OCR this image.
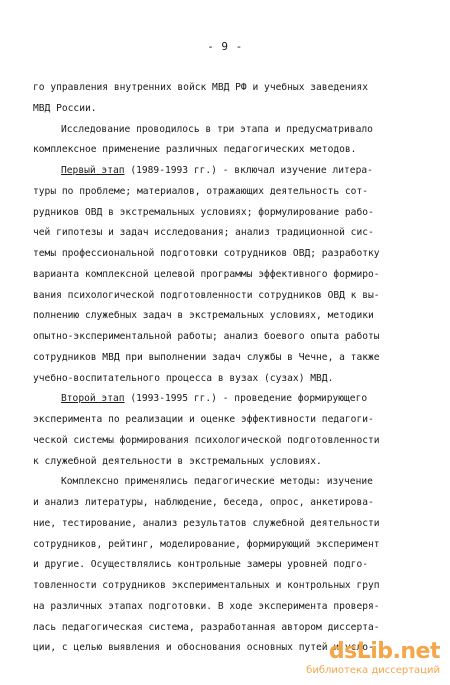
- 9 -
го управления внутренних войск МВД РФ и учебных заведениях
МВД России.
Исследование проводилось в три этапа и предусматривало
комплексное применение различных педагогических методов.
Первый этап (1989-1993 гг.) - включал изучение литера-
туры по проблеме; материалов, отражающих деятельность сот-
рудников ОВД в экстремальных условиях; формулирование рабо-
чей гипотезы и задач исследования; анализ традиционной сис-
темы профессиональной подготовки сотрудников ОВД; разработку
варианта комплексной целевой программы эффективного формиро-
вания психологической подготовленности сотрудников ОВД к вы-
полнению служебных задач в экстремальных условиях, методики
опытно-экспериментальной работы; анализ боевого опыта работы
сотрудников МВД при выполнении задач службы в Чечне, а также
учебно-воспитательного процесса в вузах (сузах) МВД.
Второй этап (1993-1995 гг.) - проведение формирующего
эксперимента по реализации и оценке эффективности педагоги-
ческой системы формирования психологической подготовленности
к служебной деятельности в экстремальных условиях.
Комплексно применялись педагогические методы: изучение
и анализ литературы, наблюдение, беседа, опрос, анкетирова-
ние, тестирование, анализ результатов служебной деятельности
сотрудников, рейтинг, моделирование, формирующий эксперимент
и другие. Осуществлялись контрольные замеры уровней подго-
товленности сотрудников экспериментальных и контрольных груп
на различных этапах подготовки. В ходе эксперимента проверя-
лась педагогическая система, разработанная автором диссерта-
ции, с целью выявления и обоснования основных путей и усло-
dsLib.net
библиотека диссертаций
